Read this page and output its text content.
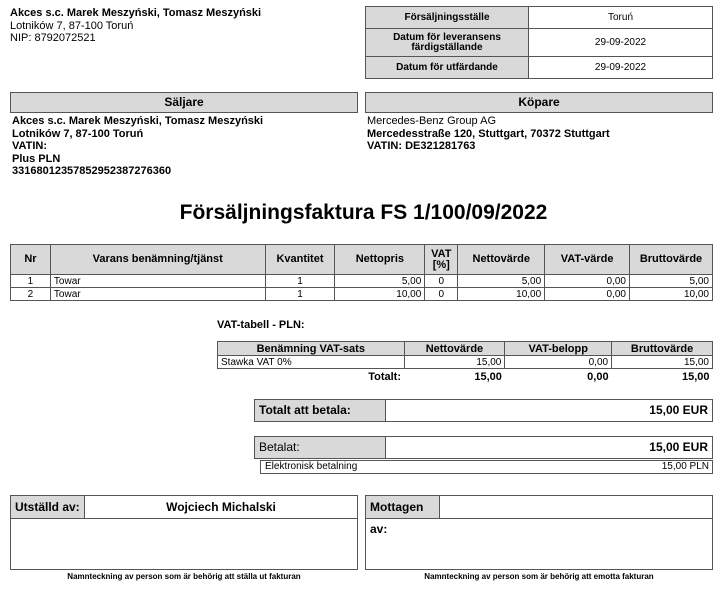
Akces s.c. Marek Meszyński, Tomasz Meszyński
Lotników 7, 87-100 Toruń
NIP: 8792072521
Försäljningsställe	Toruń
Datum för leveransens färdigställande	29-09-2022
Datum för utfärdande	29-09-2022
Säljare
Akces s.c. Marek Meszyński, Tomasz Meszyński
Lotników 7, 87-100 Toruń
VATIN:
Plus PLN
33168012357852952387276360
Köpare
Mercedes-Benz Group AG
Mercedesstraße 120, Stuttgart, 70372 Stuttgart
VATIN: DE321281763
Försäljningsfaktura FS 1/100/09/2022
Nr	Varans benämning/tjänst	Kvantitet	Nettopris	VAT [%]	Nettovärde	VAT-värde	Bruttovärde
1	Towar	1	5,00	0	5,00	0,00	5,00
2	Towar	1	10,00	0	10,00	0,00	10,00
VAT-tabell - PLN:
Benämning VAT-sats	Nettovärde	VAT-belopp	Bruttovärde
Stawka VAT 0%	15,00	0,00	15,00
Totalt:	15,00	0,00	15,00
Totalt att betala:	15,00 EUR
Betalat:	15,00 EUR
Elektronisk betalning	15,00 PLN
Utställd av:	Wojciech Michalski
Namnteckning av person som är behörig att ställa ut fakturan
Mottagen av:
Namnteckning av person som är behörig att emotta fakturan
